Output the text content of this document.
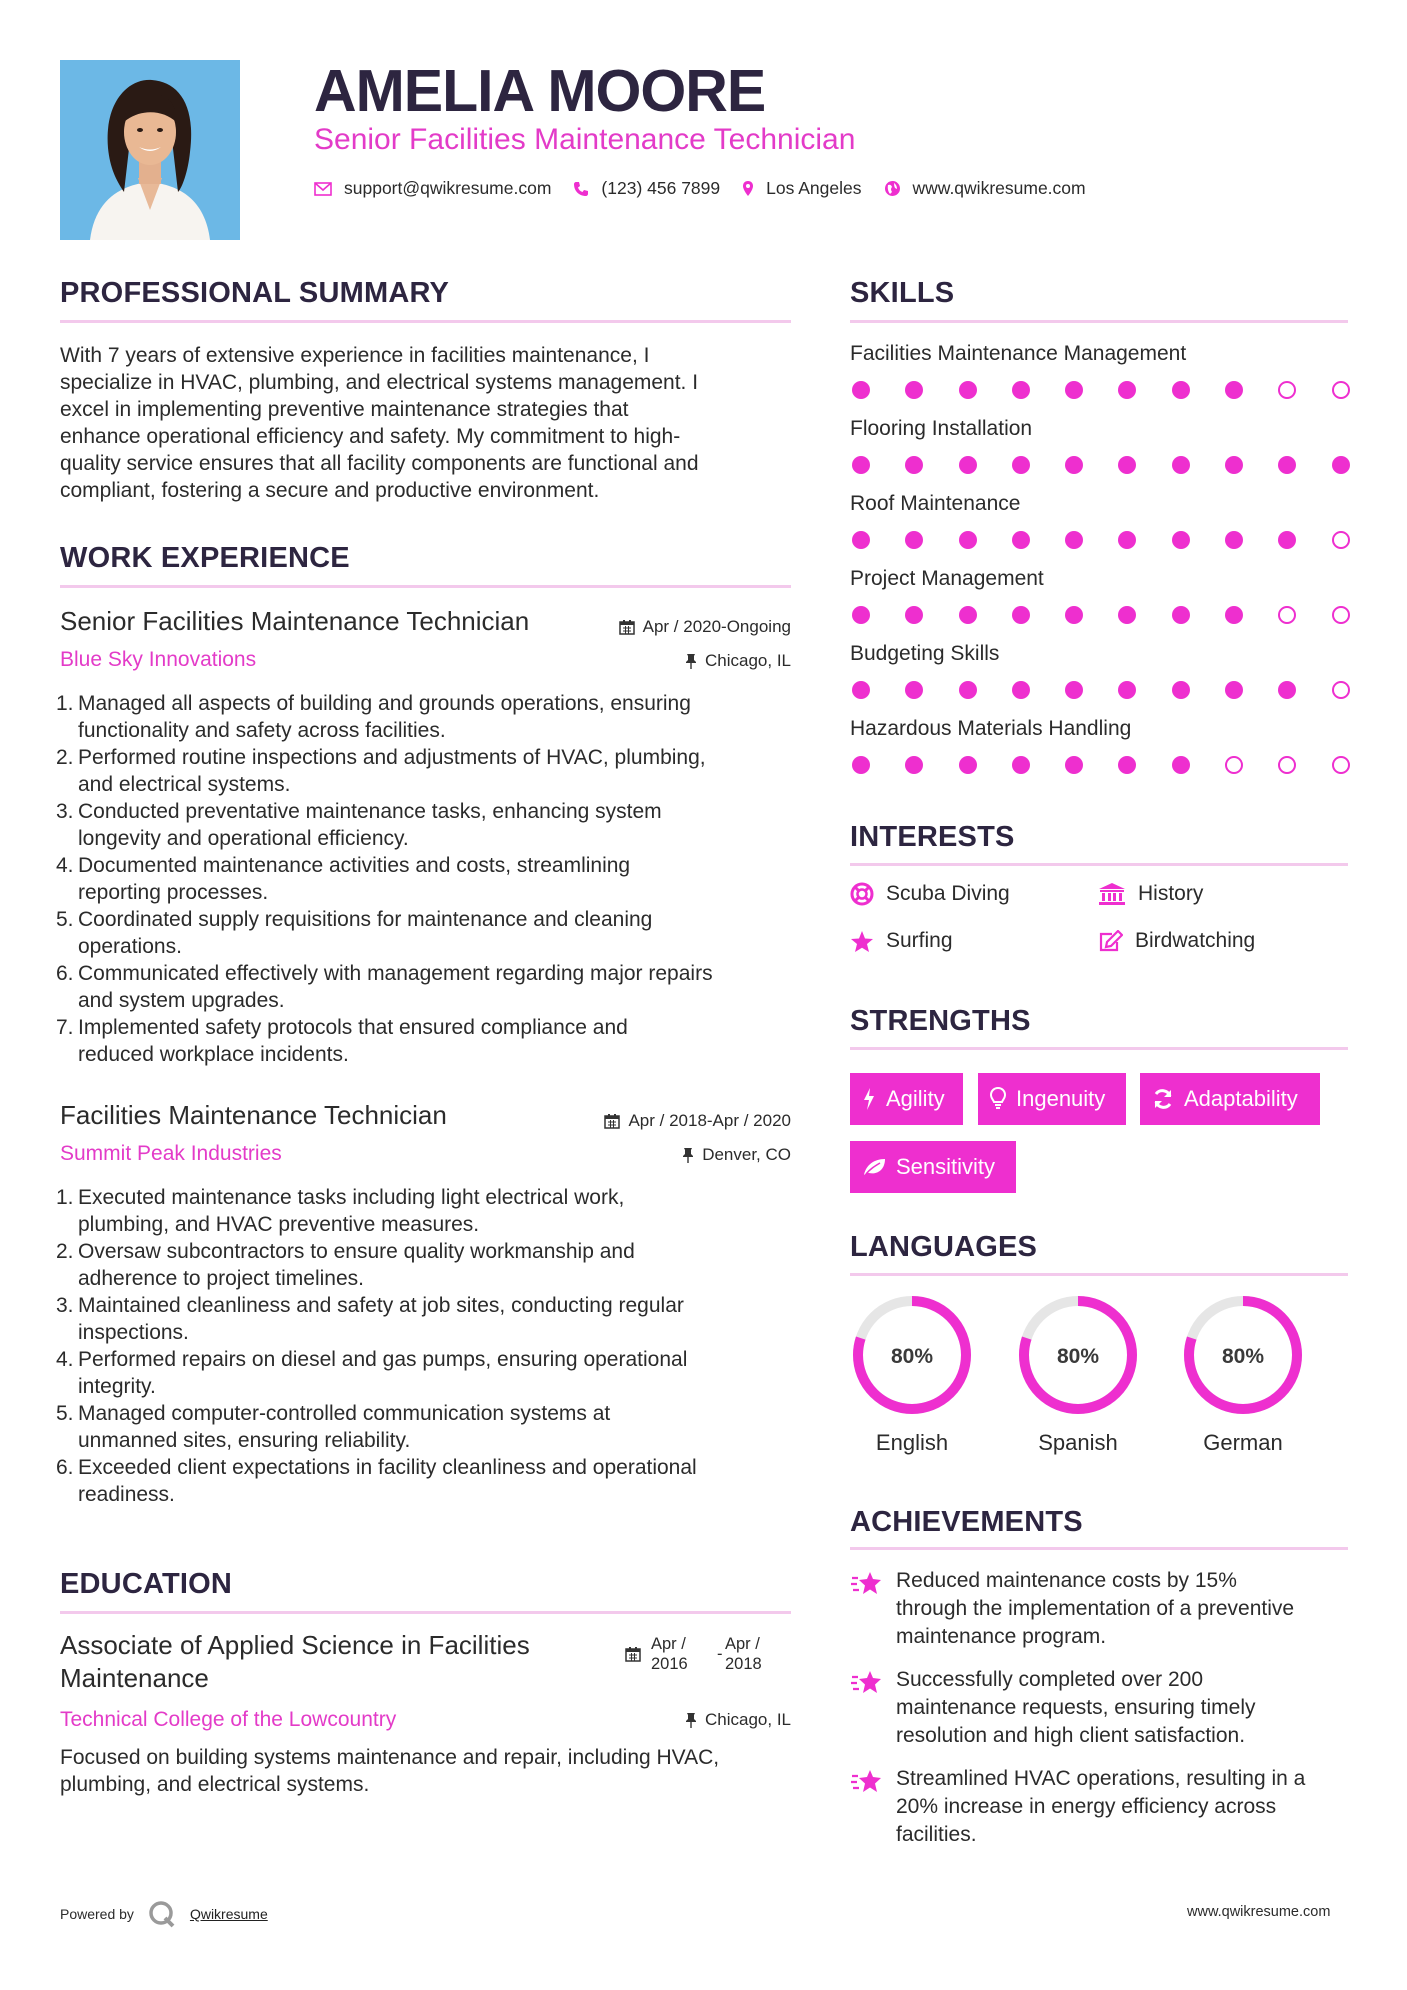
AMELIA MOORE
Senior Facilities Maintenance Technician
support@qwikresume.com	(123) 456 7899	Los Angeles	www.qwikresume.com
PROFESSIONAL SUMMARY
With 7 years of extensive experience in facilities maintenance, I
specialize in HVAC, plumbing, and electrical systems management. I
excel in implementing preventive maintenance strategies that
enhance operational efficiency and safety. My commitment to high-
quality service ensures that all facility components are functional and
compliant, fostering a secure and productive environment.
WORK EXPERIENCE
Senior Facilities Maintenance Technician	Apr / 2020-Ongoing
Blue Sky Innovations	Chicago, IL
1. Managed all aspects of building and grounds operations, ensuring
functionality and safety across facilities.
2. Performed routine inspections and adjustments of HVAC, plumbing,
and electrical systems.
3. Conducted preventative maintenance tasks, enhancing system
longevity and operational efficiency.
4. Documented maintenance activities and costs, streamlining
reporting processes.
5. Coordinated supply requisitions for maintenance and cleaning
operations.
6. Communicated effectively with management regarding major repairs
and system upgrades.
7. Implemented safety protocols that ensured compliance and
reduced workplace incidents.
Facilities Maintenance Technician	Apr / 2018-Apr / 2020
Summit Peak Industries	Denver, CO
1. Executed maintenance tasks including light electrical work,
plumbing, and HVAC preventive measures.
2. Oversaw subcontractors to ensure quality workmanship and
adherence to project timelines.
3. Maintained cleanliness and safety at job sites, conducting regular
inspections.
4. Performed repairs on diesel and gas pumps, ensuring operational
integrity.
5. Managed computer-controlled communication systems at
unmanned sites, ensuring reliability.
6. Exceeded client expectations in facility cleanliness and operational
readiness.
EDUCATION
Associate of Applied Science in Facilities
Maintenance
Apr /
2016
-
Apr /
2018
Technical College of the Lowcountry	Chicago, IL
Focused on building systems maintenance and repair, including HVAC,
plumbing, and electrical systems.
SKILLS
Facilities Maintenance Management
Flooring Installation
Roof Maintenance
Project Management
Budgeting Skills
Hazardous Materials Handling
INTERESTS
Scuba Diving	History
Surfing	Birdwatching
STRENGTHS
Agility	Ingenuity	Adaptability
Sensitivity
LANGUAGES
80%
English
80%
Spanish
80%
German
ACHIEVEMENTS

Reduced maintenance costs by 15%
through the implementation of a preventive
maintenance program.

Successfully completed over 200
maintenance requests, ensuring timely
resolution and high client satisfaction.

Streamlined HVAC operations, resulting in a
20% increase in energy efficiency across
facilities.

Powered by	Qwikresume	www.qwikresume.com
